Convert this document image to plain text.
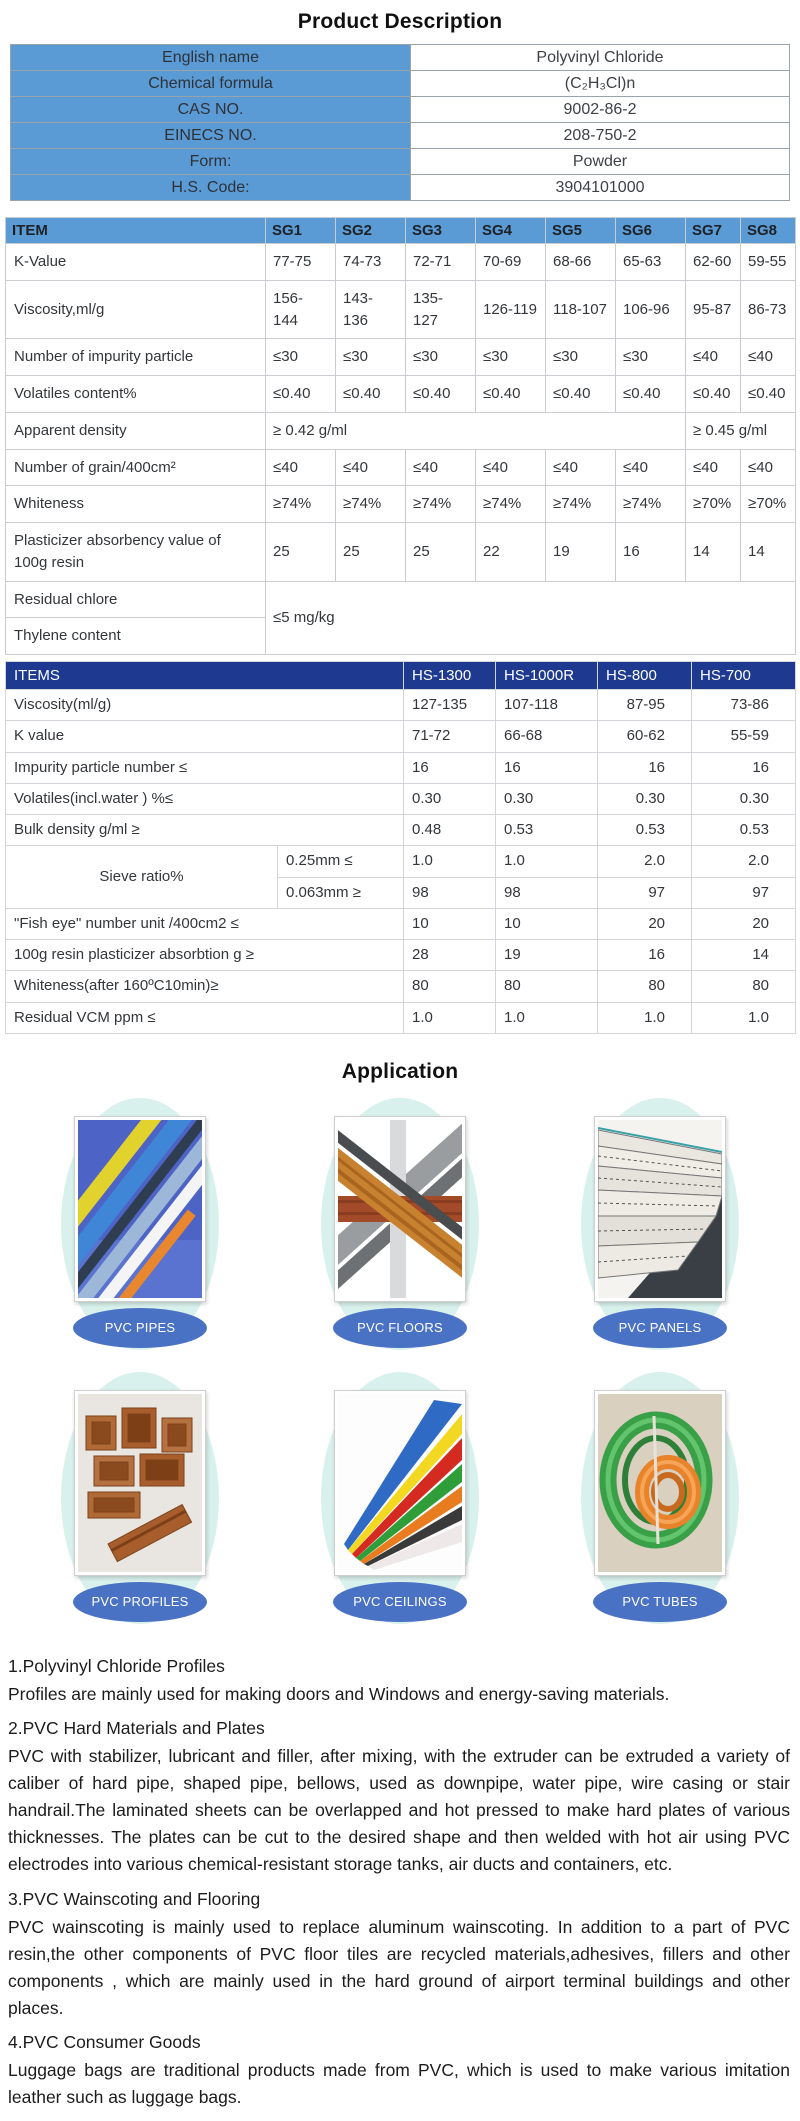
Product Description
English name	Polyvinyl Chloride
Chemical formula	(C₂H₃Cl)n
CAS NO.	9002-86-2
EINECS NO.	208-750-2
Form:	Powder
H.S. Code:	3904101000
ITEM	SG1	SG2	SG3	SG4	SG5	SG6	SG7	SG8
K-Value	77-75	74-73	72-71	70-69	68-66	65-63	62-60	59-55
Viscosity,ml/g	156-144	143-136	135-127	126-119	118-107	106-96	95-87	86-73
Number of impurity particle	≤30	≤30	≤30	≤30	≤30	≤30	≤40	≤40
Volatiles content%	≤0.40	≤0.40	≤0.40	≤0.40	≤0.40	≤0.40	≤0.40	≤0.40
Apparent density	≥ 0.42 g/ml						≥ 0.45 g/ml	
Number of grain/400cm²	≤40	≤40	≤40	≤40	≤40	≤40	≤40	≤40
Whiteness	≥74%	≥74%	≥74%	≥74%	≥74%	≥74%	≥70%	≥70%
Plasticizer absorbency value of 100g resin	25	25	25	22	19	16	14	14
Residual chlore	≤5 mg/kg							
Thylene content								
ITEMS		HS-1300	HS-1000R	HS-800	HS-700
Viscosity(ml/g)		127-135	107-118	87-95	73-86
K value		71-72	66-68	60-62	55-59
Impurity particle number ≤		16	16	16	16
Volatiles(incl.water ) %≤		0.30	0.30	0.30	0.30
Bulk density g/ml ≥		0.48	0.53	0.53	0.53
Sieve ratio%	0.25mm ≤	1.0	1.0	2.0	2.0
	0.063mm ≥	98	98	97	97
"Fish eye" number unit /400cm2 ≤		10	10	20	20
100g resin plasticizer absorbtion g ≥		28	19	16	14
Whiteness(after 160ºC10min)≥		80	80	80	80
Residual VCM ppm ≤		1.0	1.0	1.0	1.0
Application
PVC PIPES	PVC FLOORS	PVC PANELS
PVC PROFILES	PVC CEILINGS	PVC TUBES
1.Polyvinyl Chloride Profiles
Profiles are mainly used for making doors and Windows and energy-saving materials.
2.PVC Hard Materials and Plates
PVC with stabilizer, lubricant and filler, after mixing, with the extruder can be extruded a variety of caliber of hard pipe, shaped pipe, bellows, used as downpipe, water pipe, wire casing or stair handrail.The laminated sheets can be overlapped and hot pressed to make hard plates of various thicknesses. The plates can be cut to the desired shape and then welded with hot air using PVC electrodes into various chemical-resistant storage tanks, air ducts and containers, etc.
3.PVC Wainscoting and Flooring
PVC wainscoting is mainly used to replace aluminum wainscoting. In addition to a part of PVC resin,the other components of PVC floor tiles are recycled materials,adhesives, fillers and other components , which are mainly used in the hard ground of airport terminal buildings and other places.
4.PVC Consumer Goods
Luggage bags are traditional products made from PVC, which is used to make various imitation leather such as luggage bags.
